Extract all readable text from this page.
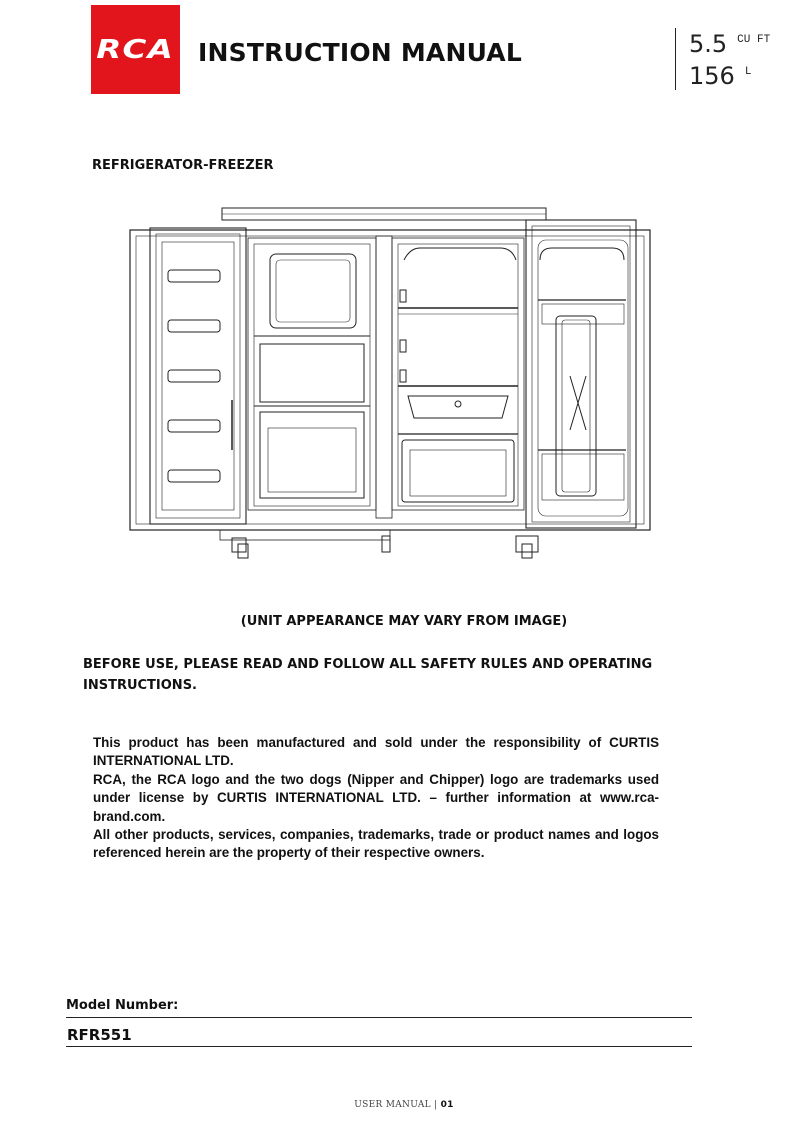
RCA INSTRUCTION MANUAL	5.5 $^{CU FT}$
156 $^L$
REFRIGERATOR-FREEZER
(UNIT APPEARANCE MAY VARY FROM IMAGE)
BEFORE USE, PLEASE READ AND FOLLOW ALL SAFETY RULES AND OPERATING INSTRUCTIONS.

This product has been manufactured and sold under the responsibility of CURTIS INTERNATIONAL LTD.

RCA, the RCA logo and the two dogs (Nipper and Chipper) logo are trademarks used under license by CURTIS INTERNATIONAL LTD. – further information at www.rca-brand.com.

All other products, services, companies, trademarks, trade or product names and logos referenced herein are the property of their respective owners.

Model Number:
RFR551
USER MANUAL | 01
